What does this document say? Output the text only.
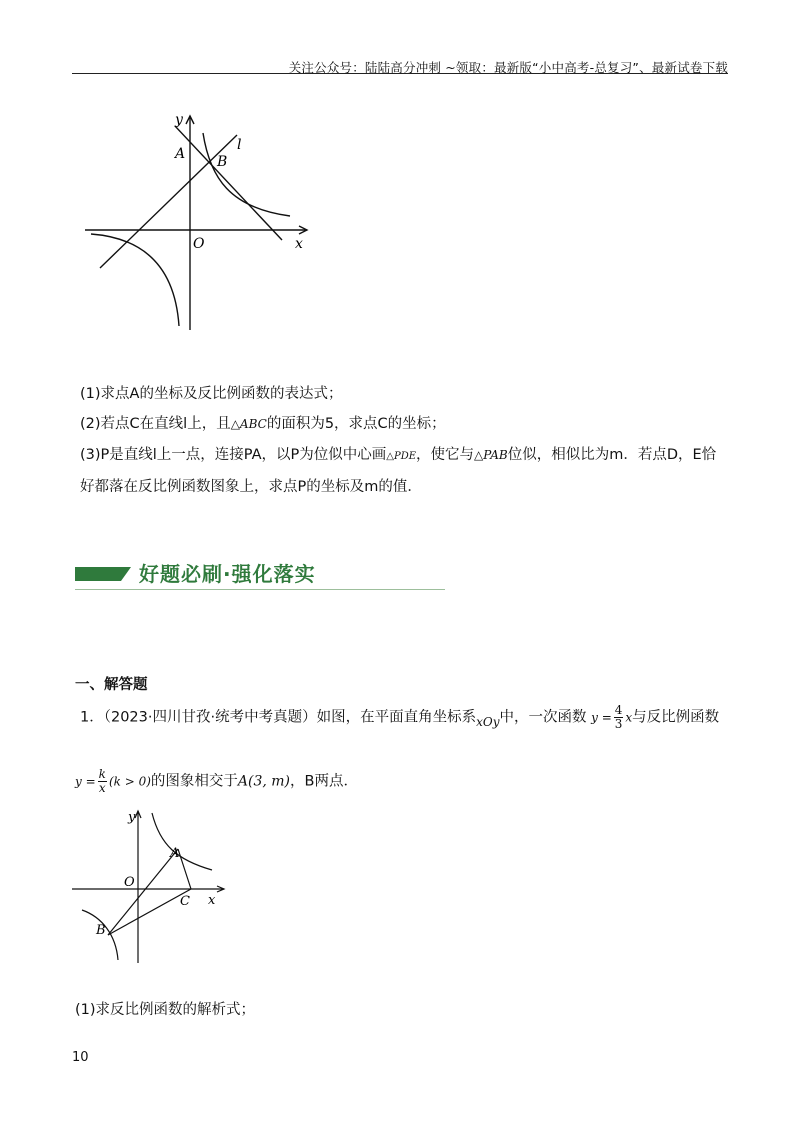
关注公众号：陆陆高分冲刺 ~领取：最新版“小中高考-总复习”、最新试卷下载
y
A B
l
O	x
(1)求点A的坐标及反比例函数的表达式；
(2)若点C在直线l上，且△ABC的面积为5，求点C的坐标；
(3)P是直线l上一点，连接PA，以P为位似中心画△PDE，使它与△PAB位似，相似比为m．若点D，E恰
好都落在反比例函数图象上，求点P的坐标及m的值．
好题必刷·强化落实
一、解答题
1．（2023·四川甘孜·统考中考真题）如图，在平面直角坐标系$_{xOy}$中，一次函数 $y = \frac{4}{3}$ x与反比例函数
$y = \frac{k}{x} (k > 0)$的图象相交于A(3, m)，B两点．
y
A
O
C x
B
(1)求反比例函数的解析式；
10
